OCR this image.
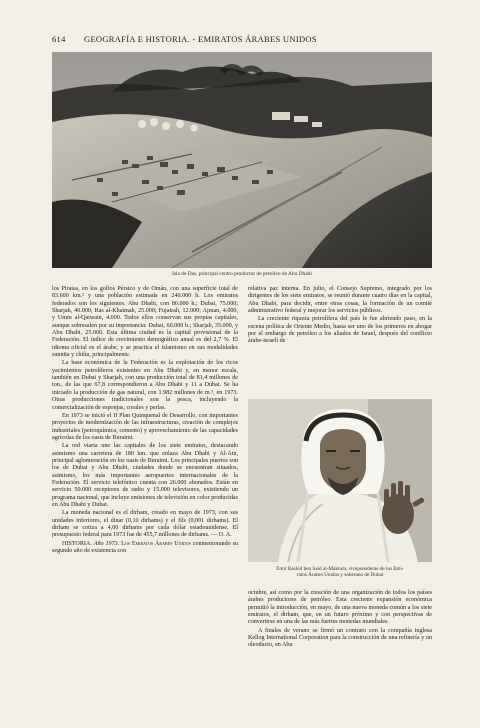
614 GEOGRAFÍA E HISTORIA. - EMIRATOS ÁRABES UNIDOS
Isla de Das, principal centro productor de petróleo de Abu Dhabi

los Piratas, en los golfos Pérsico y de Omán, con una superficie total de 83.600 km.² y una población estimada en 240.000 h. Los emiratos federados son los siguientes. Abu Dhabi, con 80.000 h.; Dubai, 75.000; Sharjah, 40.000; Ras al-Khaimah, 25.000; Fujairah, 12.000; Ajman, 4.000, y Umm al-Qaiwain, 4.000. Todos ellos conservan sus propias capitales, aunque sobresalen por su importancia: Dubai, 60.000 h.; Sharjah, 35.000, y Abu Dhabi, 25.000. Esta última ciudad es la capital provisional de la Federación. El índice de crecimiento demográfico anual es del 2,7 %. El idioma oficial es el árabe, y se practica el islamismo en sus modalidades sunnita y chiíta, principalmente.

La base económica de la Federación es la explotación de los ricos yacimientos petrolíferos existentes en Abu Dhabi y, en menor escala, también en Dubai y Sharjah, con una producción total de 81,4 millones de ton., de las que 67,8 correspondieron a Abu Dhabi y 11 a Dubai. Se ha iniciado la producción de gas natural, con 1.982 millones de m.³, en 1973. Otras producciones tradicionales son la pesca, incluyendo la comercialización de esponjas, corales y perlas.

En 1973 se inició el II Plan Quinquenal de Desarrollo, con importantes proyectos de modernización de las infraestructuras, creación de complejos industriales (petroquímica, cemento) y aprovechamiento de las capacidades agrícolas de los oasis de Buraimi.

La red viaria une las capitales de los siete emiratos, destacando asimismo una carretera de 180 km. que enlaza Abu Dhabi y Al-Ain, principal aglomeración en los oasis de Buraimi. Los principales puertos son los de Dubai y Abu Dhabi, ciudades donde se encuentran situados, asimismo, los más importantes aeropuertos internacionales de la Federación. El servicio telefónico cuenta con 26.000 abonados. Están en servicio 50.000 receptores de radio y 15.000 televisores, existiendo un programa nacional, que incluye emisiones de televisión en color producidas en Abu Dhabi y Dubai.

La moneda nacional es el dirham, creado en mayo de 1973, con sus unidades inferiores, el dinar (0,10 dirhams) y el fils (0,001 dirhams). El dirham se cotiza a 4,00 dirhams por cada dólar estadounidense. El presupuesto federal para 1973 fue de 455,7 millones de dirhams. — O. A.

HISTORIA. Año 1973. Los Emiratos Árabes Unidos conmemorando su segundo año de existencia con

relativa paz interna. En julio, el Consejo Supremo, integrado por los dirigentes de los siete emiratos, se reunió durante cuatro días en la capital, Abu Dhabi, para decidir, entre otras cosas, la formación de un comité administrativo federal y mejorar los servicios públicos.

La creciente riqueza petrolífera del país le fue abriendo paso, en la escena política de Oriente Medio, hasta ser uno de los primeros en abogar por el embargo de petróleo a los aliados de Israel, después del conflicto árabe-israelí de

Emir Rashid ben Said al-Maktum, vicepresidente de los Emi-
ratos Árabes Unidos y soberano de Dubai

octubre, así como por la creación de una organización de todos los países árabes productores de petróleo. Esta creciente expansión económica permitió la introducción, en mayo, de una nueva moneda común a los siete emiratos, el dirham, que, en un futuro próximo y con perspectivas de convertirse en una de las más fuertes monedas mundiales.

A finales de verano se firmó un contrato con la compañía inglesa Kellog International Corporation para la construcción de una refinería y un oleoducto, en Abu
